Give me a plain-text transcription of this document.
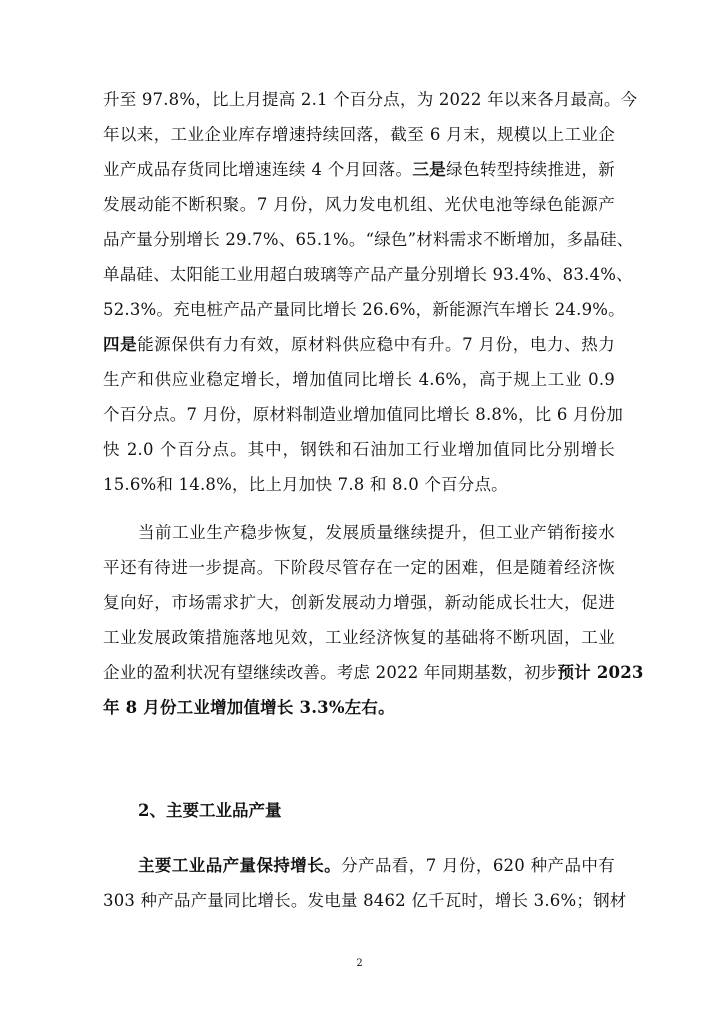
升至 97.8%，比上月提高 2.1 个百分点，为 2022 年以来各月最高。今
年以来，工业企业库存增速持续回落，截至 6 月末，规模以上工业企
业产成品存货同比增速连续 4 个月回落。三是绿色转型持续推进，新
发展动能不断积聚。7 月份，风力发电机组、光伏电池等绿色能源产
品产量分别增长 29.7%、65.1%。“绿色”材料需求不断增加，多晶硅、
单晶硅、太阳能工业用超白玻璃等产品产量分别增长 93.4%、83.4%、
52.3%。充电桩产品产量同比增长 26.6%，新能源汽车增长 24.9%。
四是能源保供有力有效，原材料供应稳中有升。7 月份，电力、热力
生产和供应业稳定增长，增加值同比增长 4.6%，高于规上工业 0.9
个百分点。7 月份，原材料制造业增加值同比增长 8.8%，比 6 月份加
快 2.0 个百分点。其中，钢铁和石油加工行业增加值同比分别增长
15.6%和 14.8%，比上月加快 7.8 和 8.0 个百分点。
当前工业生产稳步恢复，发展质量继续提升，但工业产销衔接水
平还有待进一步提高。下阶段尽管存在一定的困难，但是随着经济恢
复向好，市场需求扩大，创新发展动力增强，新动能成长壮大，促进
工业发展政策措施落地见效，工业经济恢复的基础将不断巩固，工业
企业的盈利状况有望继续改善。考虑 2022 年同期基数，初步预计 2023
年 8 月份工业增加值增长 3.3%左右。
2、主要工业品产量
主要工业品产量保持增长。分产品看，7 月份，620 种产品中有
303 种产品产量同比增长。发电量 8462 亿千瓦时，增长 3.6%；钢材
2
